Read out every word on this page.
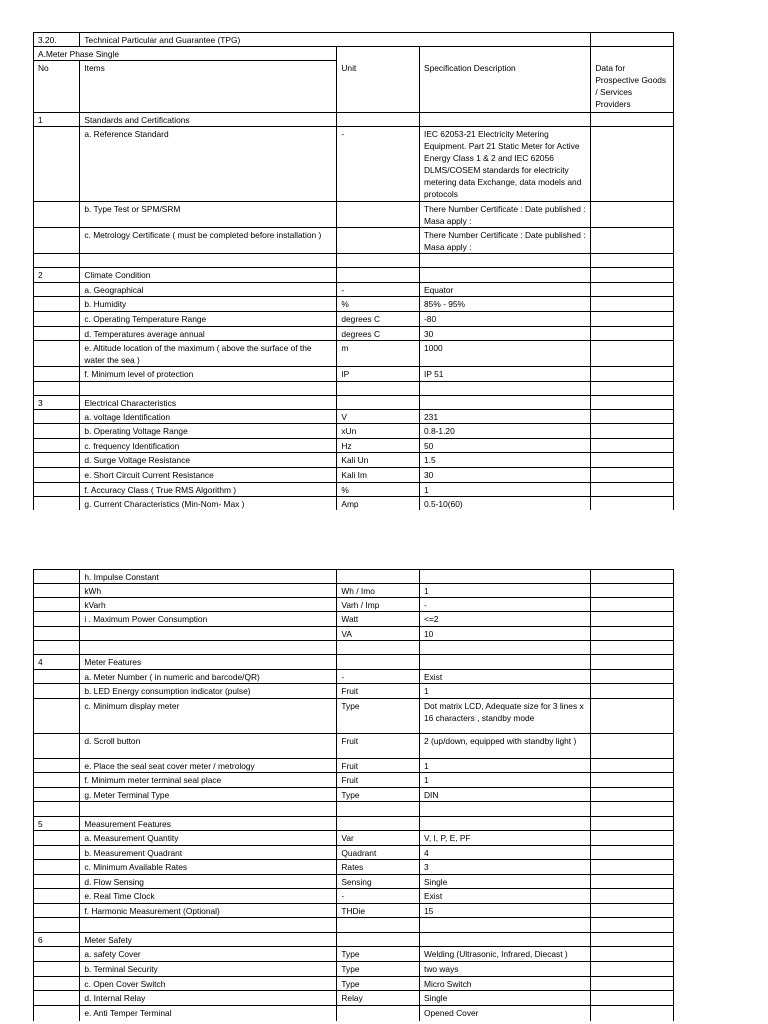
3.20.	Technical Particular and Guarantee (TPG)			
A.Meter Phase Single				
No	Items	Unit	Specification Description	Data for Prospective Goods / Services Providers
1	Standards and Certifications			
	a. Reference Standard	-	IEC 62053-21 Electricity Metering Equipment. Part 21 Static Meter for Active Energy Class 1 & 2 and IEC 62056 DLMS/COSEM standards for electricity metering data Exchange, data models and protocols	
	b. Type Test or SPM/SRM		There Number Certificate : Date published : Masa apply :	
	c. Metrology Certificate ( must be completed before installation )		There Number Certificate : Date published : Masa apply :	

2	Climate Condition			
	a. Geographical	-	Equator	
	b. Humidity	%	85% - 95%	
	c. Operating Temperature Range	degrees C	-80	
	d. Temperatures average annual	degrees C	30	
	e. Altitude location of the maximum ( above the surface of the water the sea )	m	1000	
	f. Minimum level of protection	IP	IP 51	

3	Electrical Characteristics			
	a. voltage Identification	V	231	
	b. Operating Voltage Range	xUn	0.8-1.20	
	c. frequency Identification	Hz	50	
	d. Surge Voltage Resistance	Kali Un	1.5	
	e. Short Circuit Current Resistance	Kali Im	30	
	f. Accuracy Class ( True RMS Algorithm )	%	1	
	g. Current Characteristics (Min-Nom- Max )	Amp	0.5-10(60)	
	h. Impulse Constant			
	kWh	Wh / Imo	1	
	kVarh	Varh / Imp	-	
	i . Maximum Power Consumption	Watt	<=2	
		VA	10	

4	Meter Features			
	a. Meter Number ( in numeric and barcode/QR)	-	Exist	
	b. LED Energy consumption indicator (pulse)	Fruit	1	
	c. Minimum display meter	Type	Dot matrix LCD, Adequate size for 3 lines x 16 characters , standby mode	
	d. Scroll button	Fruit	2 (up/down, equipped with standby light )	
	e. Place the seal seat cover meter / metrology	Fruit	1	
	f. Minimum meter terminal seal place	Fruit	1	
	g. Meter Terminal Type	Type	DIN	

5	Measurement Features			
	a. Measurement Quantity	Var	V, I, P, E, PF	
	b. Measurement Quadrant	Quadrant	4	
	c. Minimum Available Rates	Rates	3	
	d. Flow Sensing	Sensing	Single	
	e. Real Time Clock	-	Exist	
	f. Harmonic Measurement (Optional)	THDie	15	

6	Meter Safety			
	a. safety Cover	Type	Welding (Ultrasonic, Infrared, Diecast )	
	b. Terminal Security	Type	two ways	
	c. Open Cover Switch	Type	Micro Switch	
	d. Internal Relay	Relay	Single	
	e. Anti Temper Terminal		Opened Cover	
